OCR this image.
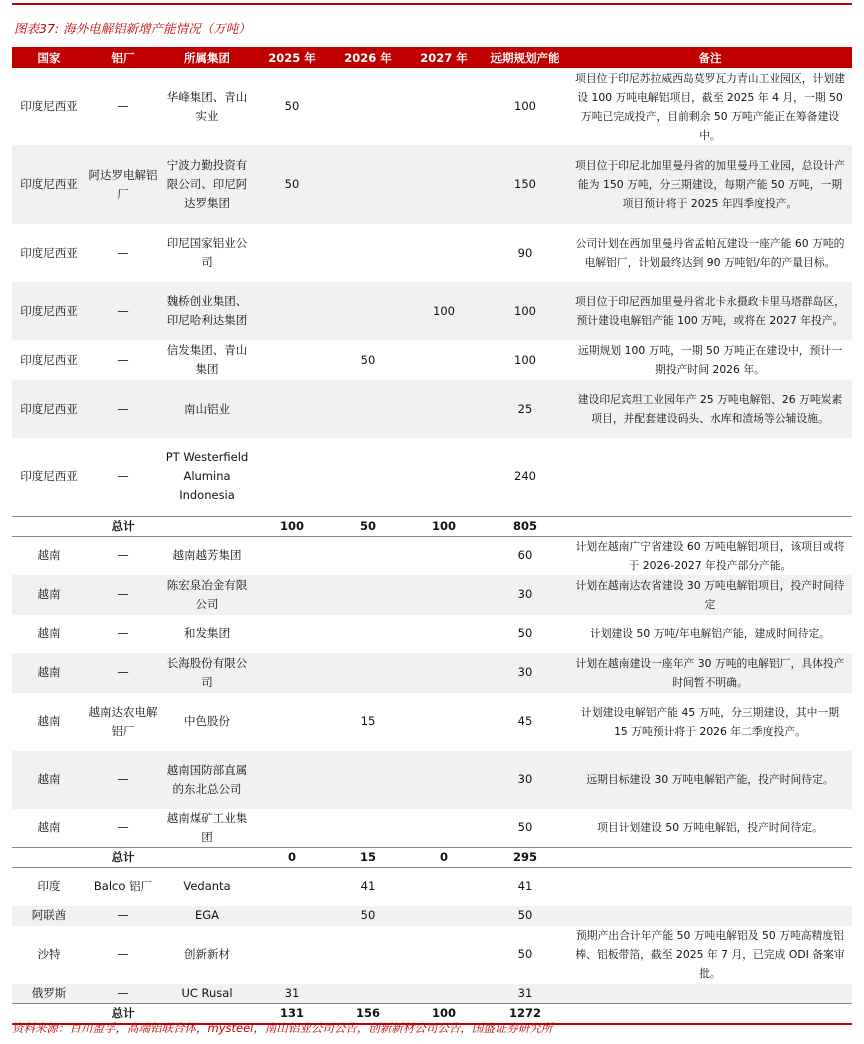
图表37: 海外电解铝新增产能情况（万吨）
国家	铝厂	所属集团	2025 年	2026 年	2027 年	远期规划产能	备注
印度尼西亚	—	华峰集团、青山实业	50			100	项目位于印尼苏拉威西岛莫罗瓦力青山工业园区，计划建设 100 万吨电解铝项目，截至 2025 年 4 月，一期 50 万吨已完成投产，目前剩余 50 万吨产能正在筹备建设中。
印度尼西亚	阿达罗电解铝厂	宁波力勤投资有限公司、印尼阿达罗集团	50			150	项目位于印尼北加里曼丹省的加里曼丹工业园，总设计产能为 150 万吨，分三期建设，每期产能 50 万吨，一期项目预计将于 2025 年四季度投产。
印度尼西亚	—	印尼国家铝业公司				90	公司计划在西加里曼丹省孟帕瓦建设一座产能 60 万吨的电解铝厂，计划最终达到 90 万吨铝/年的产量目标。
印度尼西亚	—	魏桥创业集团、印尼哈利达集团			100	100	项目位于印尼西加里曼丹省北卡永摄政卡里马塔群岛区，预计建设电解铝产能 100 万吨，或将在 2027 年投产。
印度尼西亚	—	信发集团、青山集团		50		100	远期规划 100 万吨，一期 50 万吨正在建设中，预计一期投产时间 2026 年。
印度尼西亚	—	南山铝业				25	建设印尼宾坦工业园年产 25 万吨电解铝、26 万吨炭素项目，并配套建设码头、水库和渣场等公辅设施。
印度尼西亚	—	PT Westerfield Alumina Indonesia				240	
	总计		100	50	100	805	
越南	—	越南越芳集团				60	计划在越南广宁省建设 60 万吨电解铝项目，该项目或将于 2026-2027 年投产部分产能。
越南	—	陈宏泉冶金有限公司				30	计划在越南达农省建设 30 万吨电解铝项目，投产时间待定
越南	—	和发集团				50	计划建设 50 万吨/年电解铝产能，建成时间待定。
越南	—	长海股份有限公司				30	计划在越南建设一座年产 30 万吨的电解铝厂，具体投产时间暂不明确。
越南	越南达农电解铝厂	中色股份		15		45	计划建设电解铝产能 45 万吨，分三期建设，其中一期 15 万吨预计将于 2026 年二季度投产。
越南	—	越南国防部直属的东北总公司				30	远期目标建设 30 万吨电解铝产能，投产时间待定。
越南	—	越南煤矿工业集团				50	项目计划建设 50 万吨电解铝，投产时间待定。
	总计		0	15	0	295	
印度	Balco 铝厂	Vedanta		41		41	
阿联酋	—	EGA		50		50	
沙特	—	创新新材				50	预期产出合计年产能 50 万吨电解铝及 50 万吨高精度铝棒、铝板带箔，截至 2025 年 7 月，已完成 ODI 备案审批。
俄罗斯	—	UC Rusal	31			31	
	总计		131	156	100	1272	
资料来源：百川盈孚，高端铝联合体，mysteel，南山铝业公司公告，创新新材公司公告，国盛证券研究所
